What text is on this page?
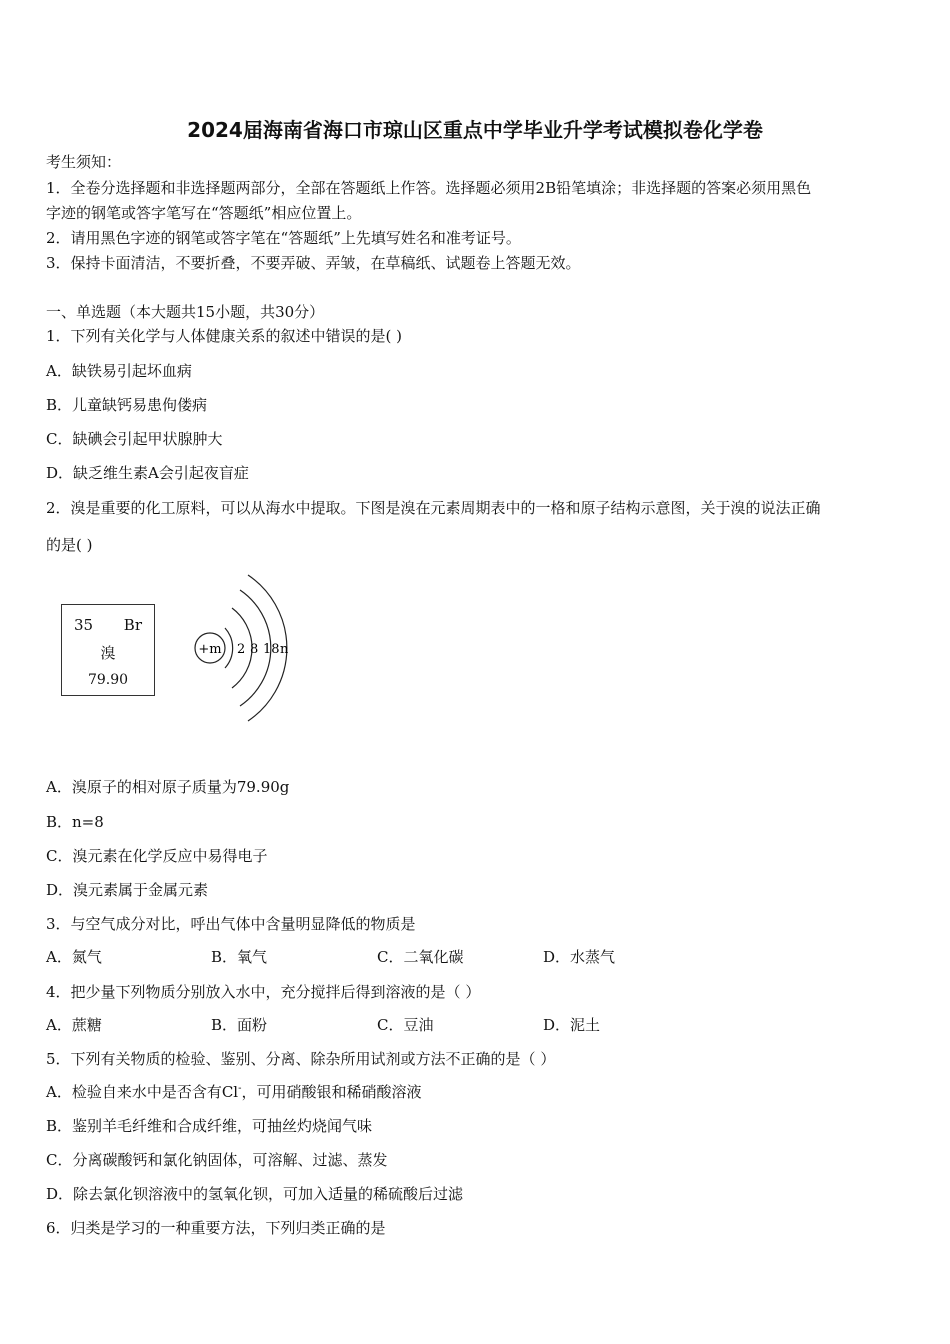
2024届海南省海口市琼山区重点中学毕业升学考试模拟卷化学卷
考生须知：
1．全卷分选择题和非选择题两部分，全部在答题纸上作答。选择题必须用2B铅笔填涂；非选择题的答案必须用黑色
字迹的钢笔或答字笔写在“答题纸”相应位置上。
2．请用黑色字迹的钢笔或答字笔在“答题纸”上先填写姓名和准考证号。
3．保持卡面清洁，不要折叠，不要弄破、弄皱，在草稿纸、试题卷上答题无效。
一、单选题（本大题共15小题，共30分）
1．下列有关化学与人体健康关系的叙述中错误的是( )
A．缺铁易引起坏血病
B．儿童缺钙易患佝偻病
C．缺碘会引起甲状腺肿大
D．缺乏维生素A会引起夜盲症
2．溴是重要的化工原料，可以从海水中提取。下图是溴在元素周期表中的一格和原子结构示意图，关于溴的说法正确
的是( )
35 Br
溴
79.90
+m 2 8 18 n
A．溴原子的相对原子质量为79.90g
B．n=8
C．溴元素在化学反应中易得电子
D．溴元素属于金属元素
3．与空气成分对比，呼出气体中含量明显降低的物质是
A．氮气	B．氧气	C．二氧化碳	D．水蒸气
4．把少量下列物质分别放入水中，充分搅拌后得到溶液的是（ ）
A．蔗糖	B．面粉	C．豆油	D．泥土
5．下列有关物质的检验、鉴别、分离、除杂所用试剂或方法不正确的是（ ）
A．检验自来水中是否含有Cl-，可用硝酸银和稀硝酸溶液
B．鉴别羊毛纤维和合成纤维，可抽丝灼烧闻气味
C．分离碳酸钙和氯化钠固体，可溶解、过滤、蒸发
D．除去氯化钡溶液中的氢氧化钡，可加入适量的稀硫酸后过滤
6．归类是学习的一种重要方法，下列归类正确的是
